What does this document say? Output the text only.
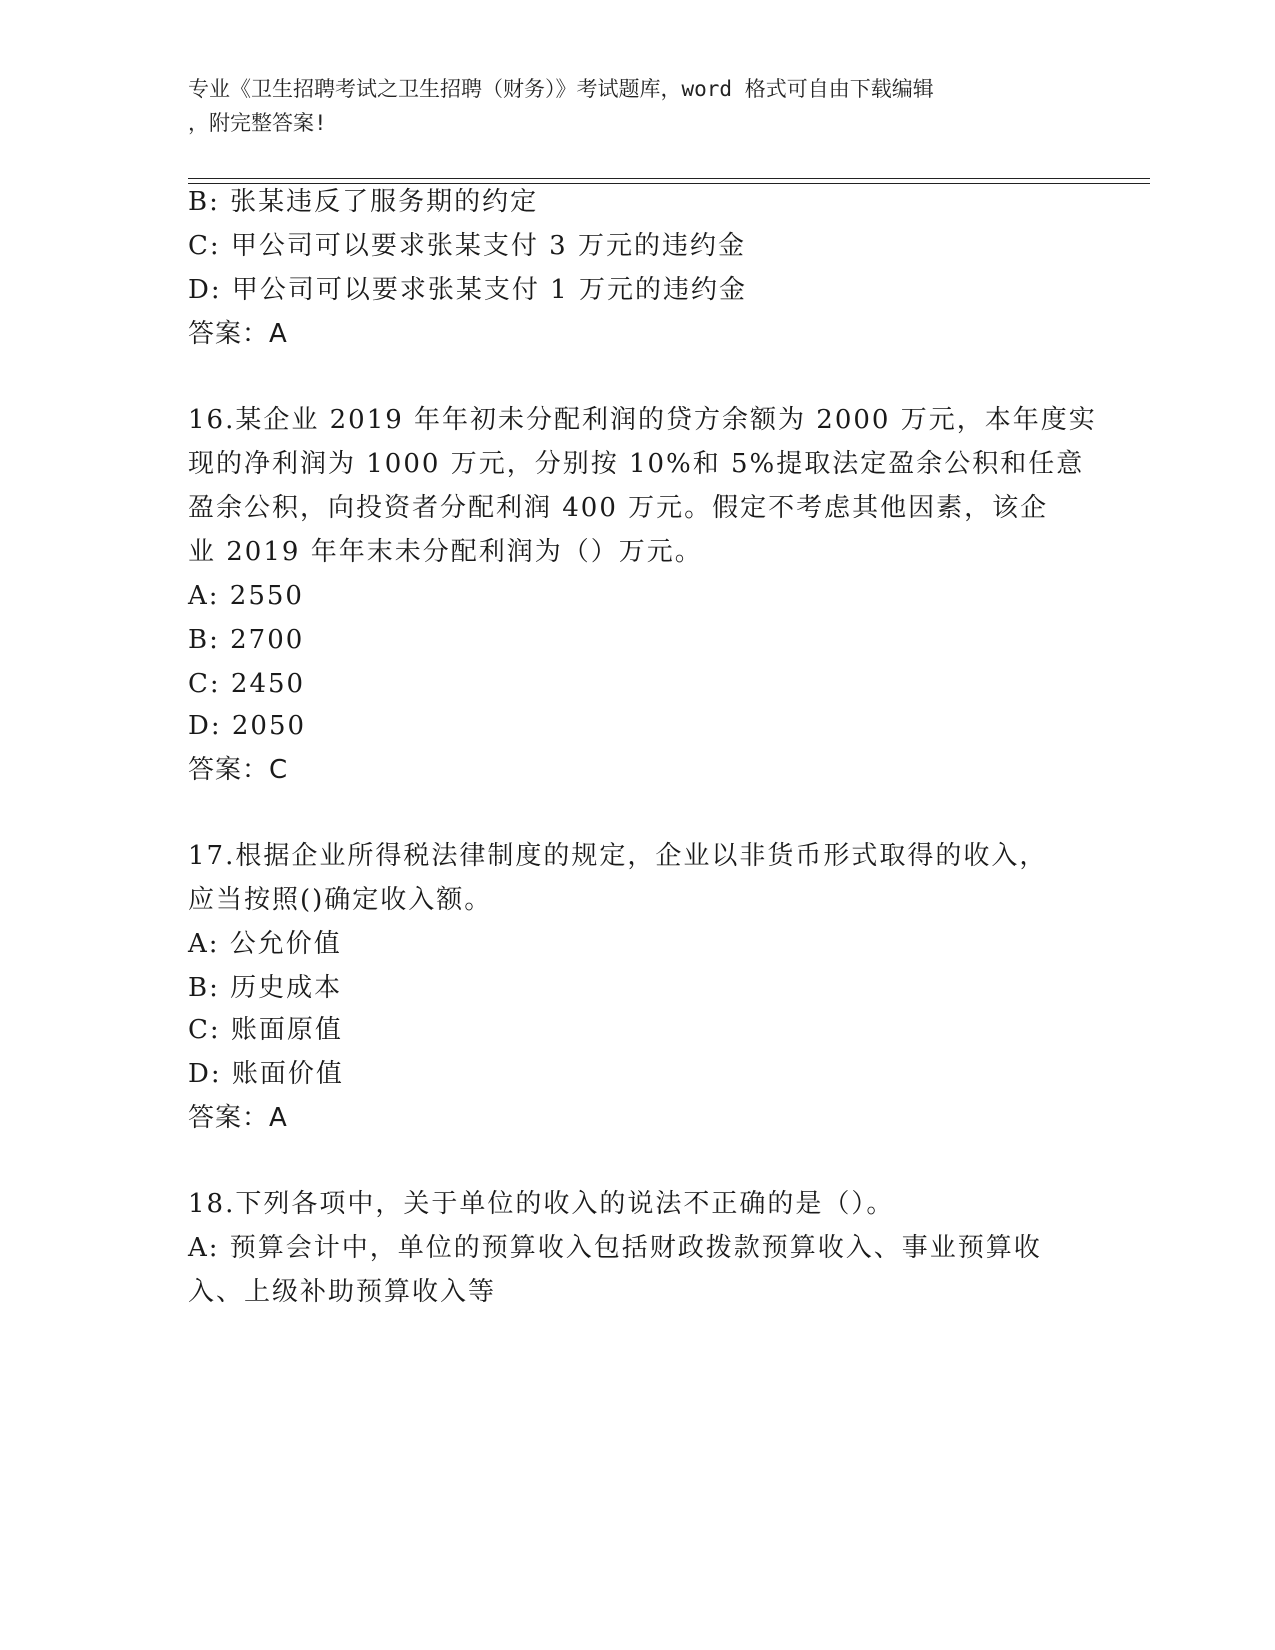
专业《卫生招聘考试之卫生招聘（财务）》考试题库，word 格式可自由下载编辑
，附完整答案!
B: 张某违反了服务期的约定
C: 甲公司可以要求张某支付 3 万元的违约金
D: 甲公司可以要求张某支付 1 万元的违约金
答案：A
16.某企业 2019 年年初未分配利润的贷方余额为 2000 万元，本年度实
现的净利润为 1000 万元，分别按 10%和 5%提取法定盈余公积和任意
盈余公积，向投资者分配利润 400 万元。假定不考虑其他因素，该企
业 2019 年年末未分配利润为（）万元。
A: 2550
B: 2700
C: 2450
D: 2050
答案：C
17.根据企业所得税法律制度的规定，企业以非货币形式取得的收入，
应当按照()确定收入额。
A: 公允价值
B: 历史成本
C: 账面原值
D: 账面价值
答案：A
18.下列各项中，关于单位的收入的说法不正确的是（）。
A: 预算会计中，单位的预算收入包括财政拨款预算收入、事业预算收
入、上级补助预算收入等
